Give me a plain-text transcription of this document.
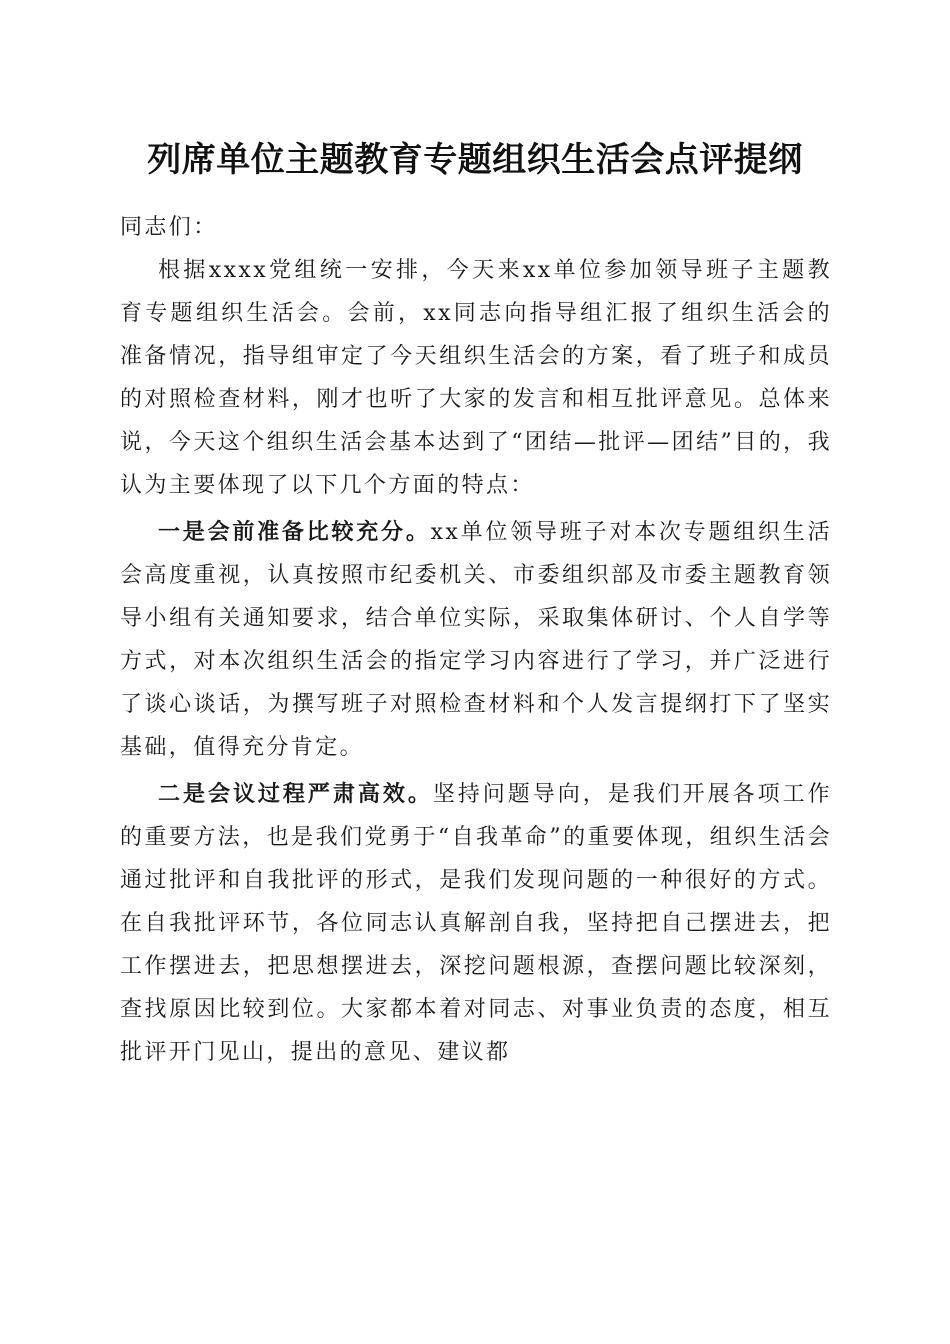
列席单位主题教育专题组织生活会点评提纲

同志们：

根据xxxx党组统一安排，今天来xx单位参加领导班子主题教育专题组织生活会。会前，xx同志向指导组汇报了组织生活会的准备情况，指导组审定了今天组织生活会的方案，看了班子和成员的对照检查材料，刚才也听了大家的发言和相互批评意见。总体来说，今天这个组织生活会基本达到了“团结—批评—团结”目的，我认为主要体现了以下几个方面的特点：

一是会前准备比较充分。xx单位领导班子对本次专题组织生活会高度重视，认真按照市纪委机关、市委组织部及市委主题教育领导小组有关通知要求，结合单位实际，采取集体研讨、个人自学等方式，对本次组织生活会的指定学习内容进行了学习，并广泛进行了谈心谈话，为撰写班子对照检查材料和个人发言提纲打下了坚实基础，值得充分肯定。

二是会议过程严肃高效。坚持问题导向，是我们开展各项工作的重要方法，也是我们党勇于“自我革命”的重要体现，组织生活会通过批评和自我批评的形式，是我们发现问题的一种很好的方式。在自我批评环节，各位同志认真解剖自我，坚持把自己摆进去，把工作摆进去，把思想摆进去，深挖问题根源，查摆问题比较深刻，查找原因比较到位。大家都本着对同志、对事业负责的态度，相互批评开门见山，提出的意见、建议都
